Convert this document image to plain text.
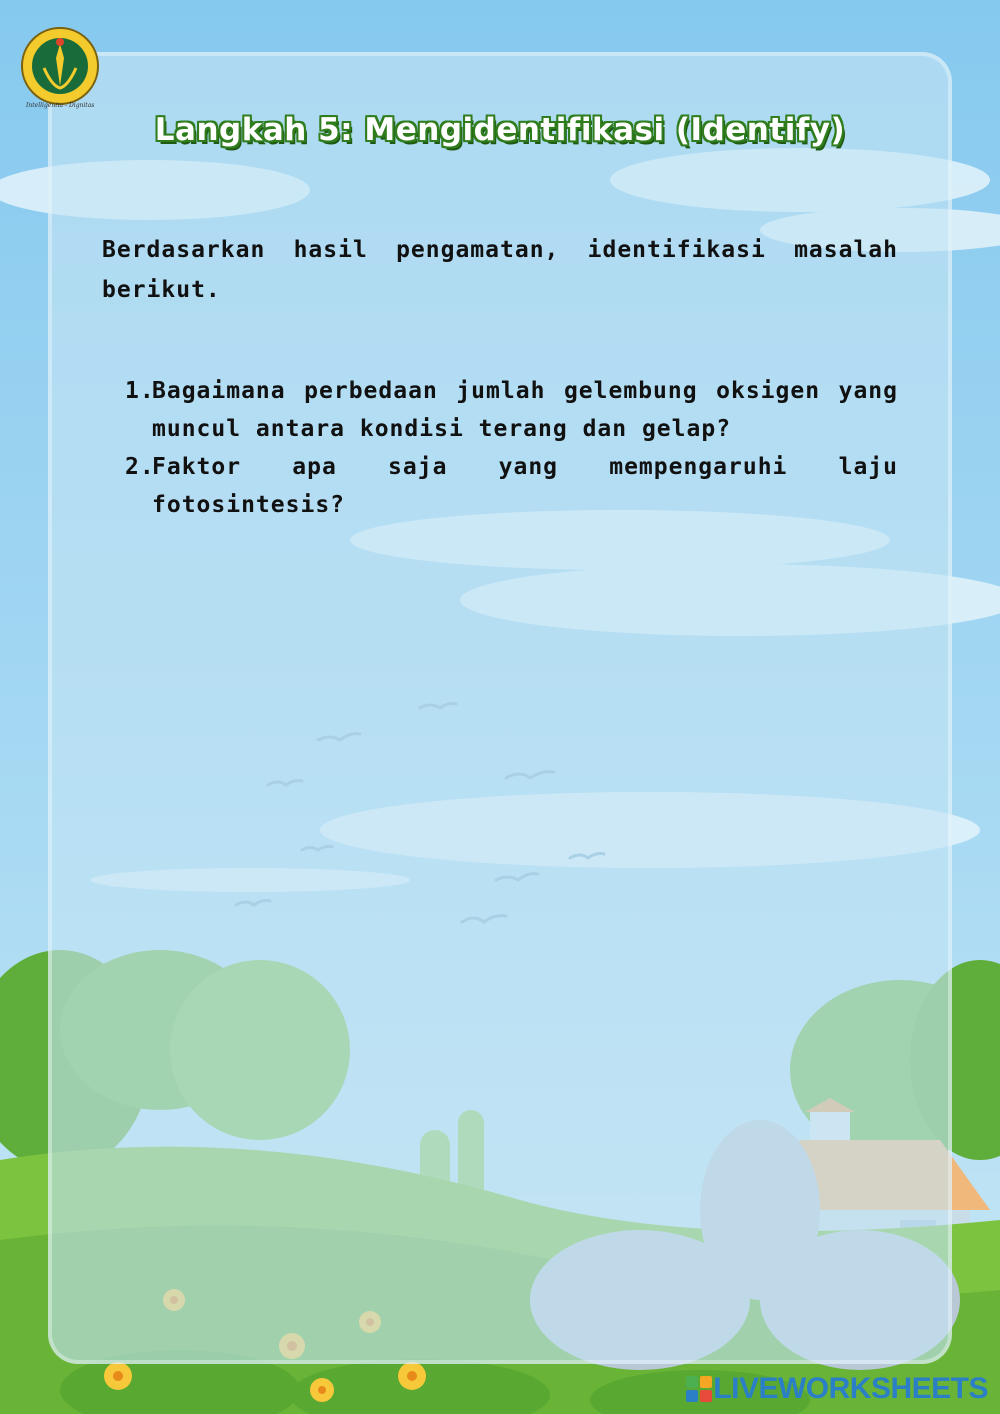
Intelligentia - Dignitas
Langkah 5: Mengidentifikasi (Identify)
Berdasarkan hasil pengamatan, identifikasi masalah berikut.
1.
Bagaimana perbedaan jumlah gelembung oksigen yang muncul antara kondisi terang dan gelap?
2.
Faktor apa saja yang mempengaruhi laju fotosintesis?
LIVEWORKSHEETS
